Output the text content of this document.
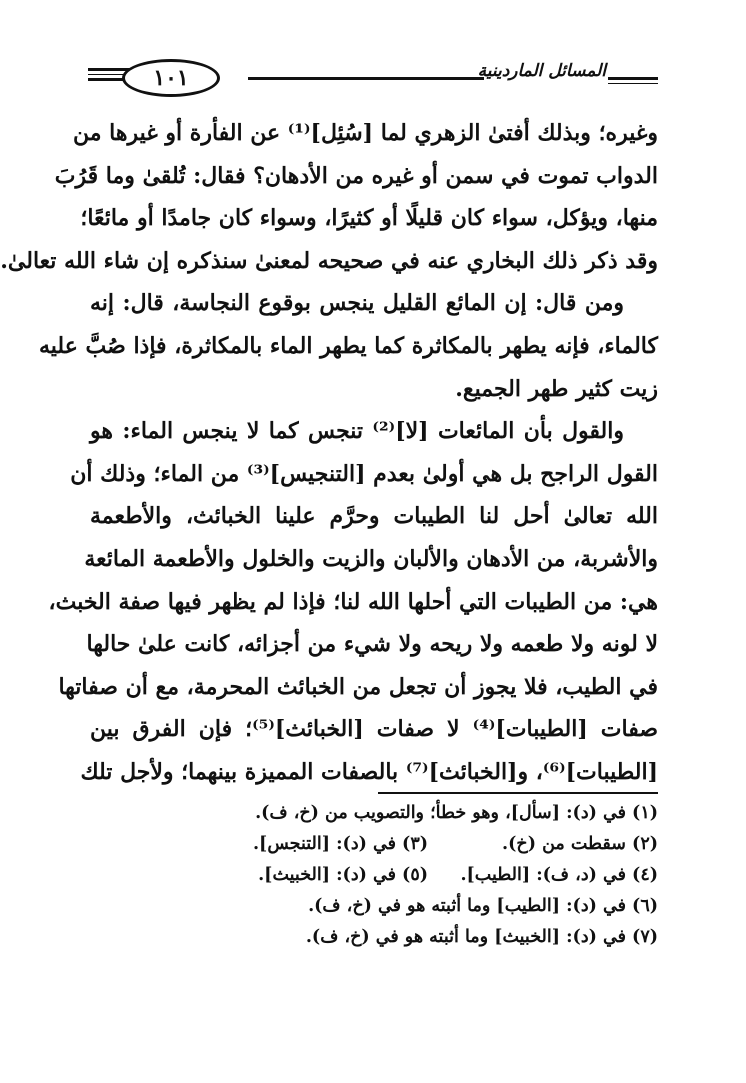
١٠١	المسائل الماردينية
وغيره؛ وبذلك أفتىٰ الزهري لما [سُئِل]⁽¹⁾ عن الفأرة أو غيرها من
الدواب تموت في سمن أو غيره من الأدهان؟ فقال: تُلقىٰ وما قَرُبَ
منها، ويؤكل، سواء كان قليلًا أو كثيرًا، وسواء كان جامدًا أو مائعًا؛
وقد ذكر ذلك البخاري عنه في صحيحه لمعنىٰ سنذكره إن شاء الله تعالىٰ.
ومن قال: إن المائع القليل ينجس بوقوع النجاسة، قال: إنه
كالماء، فإنه يطهر بالمكاثرة كما يطهر الماء بالمكاثرة، فإذا صُبَّ عليه
زيت كثير طهر الجميع.
والقول بأن المائعات [لا]⁽²⁾ تنجس كما لا ينجس الماء: هو
القول الراجح بل هي أولىٰ بعدم [التنجيس]⁽³⁾ من الماء؛ وذلك أن
الله تعالىٰ أحل لنا الطيبات وحرَّم علينا الخبائث، والأطعمة
والأشربة، من الأدهان والألبان والزيت والخلول والأطعمة المائعة
هي: من الطيبات التي أحلها الله لنا؛ فإذا لم يظهر فيها صفة الخبث،
لا لونه ولا طعمه ولا ريحه ولا شيء من أجزائه، كانت علىٰ حالها
في الطيب، فلا يجوز أن تجعل من الخبائث المحرمة، مع أن صفاتها
صفات [الطيبات]⁽⁴⁾ لا صفات [الخبائث]⁽⁵⁾؛ فإن الفرق بين
[الطيبات]⁽⁶⁾، و[الخبائث]⁽⁷⁾ بالصفات المميزة بينهما؛ ولأجل تلك
(١) في (د): [سأل]، وهو خطأ؛ والتصويب من (خ، ف).
(٢) سقطت من (خ).(٣) في (د): [التنجس].
(٤) في (د، ف): [الطيب].(٥) في (د): [الخبيث].
(٦) في (د): [الطيب] وما أثبته هو في (خ، ف).
(٧) في (د): [الخبيث] وما أثبته هو في (خ، ف).
